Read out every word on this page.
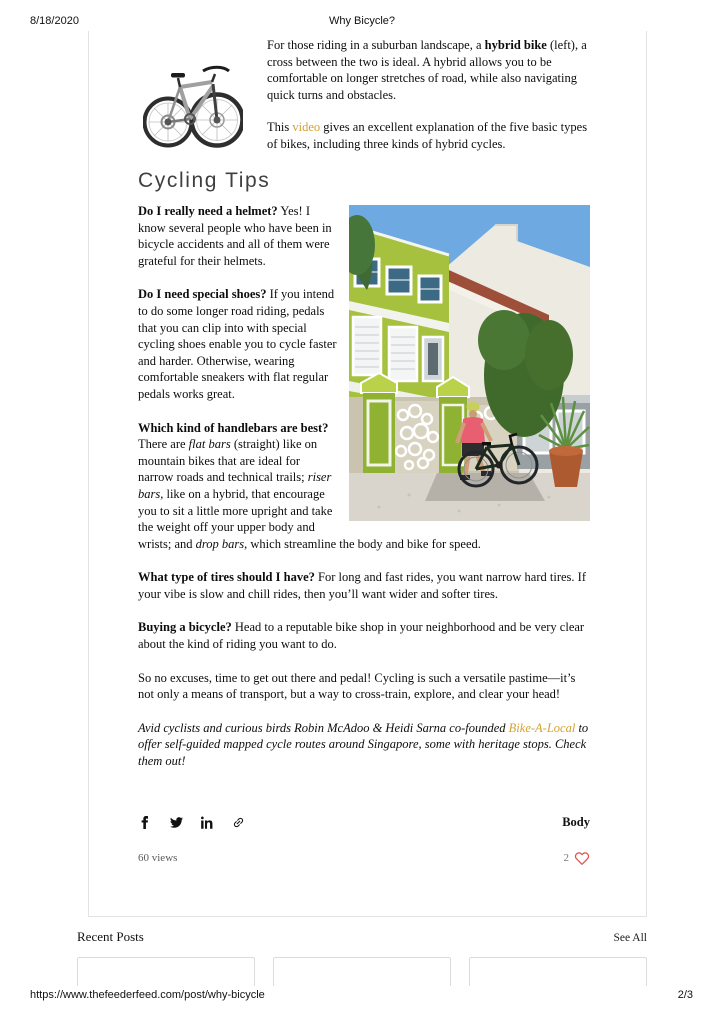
8/18/2020	Why Bicycle?
For those riding in a suburban landscape, a hybrid bike (left), a cross between the two is ideal. A hybrid allows you to be comfortable on longer stretches of road, while also navigating quick turns and obstacles.
This video gives an excellent explanation of the five basic types of bikes, including three kinds of hybrid cycles.
Cycling Tips
Do I really need a helmet? Yes! I know several people who have been in bicycle accidents and all of them were grateful for their helmets.
Do I need special shoes? If you intend to do some longer road riding, pedals that you can clip into with special cycling shoes enable you to cycle faster and harder. Otherwise, wearing comfortable sneakers with flat regular pedals works great.
Which kind of handlebars are best? There are flat bars (straight) like on mountain bikes that are ideal for narrow roads and technical trails; riser bars, like on a hybrid, that encourage you to sit a little more upright and take the weight off your upper body and wrists; and drop bars, which streamline the body and bike for speed.
What type of tires should I have? For long and fast rides, you want narrow hard tires. If your vibe is slow and chill rides, then you’ll want wider and softer tires.
Buying a bicycle? Head to a reputable bike shop in your neighborhood and be very clear about the kind of riding you want to do.
So no excuses, time to get out there and pedal! Cycling is such a versatile pastime—it’s not only a means of transport, but a way to cross-train, explore, and clear your head!
Avid cyclists and curious birds Robin McAdoo & Heidi Sarna co-founded Bike-A-Local to offer self-guided mapped cycle routes around Singapore, some with heritage stops. Check them out!
Body
60 views	2
Recent Posts	See All
https://www.thefeederfeed.com/post/why-bicycle	2/3
